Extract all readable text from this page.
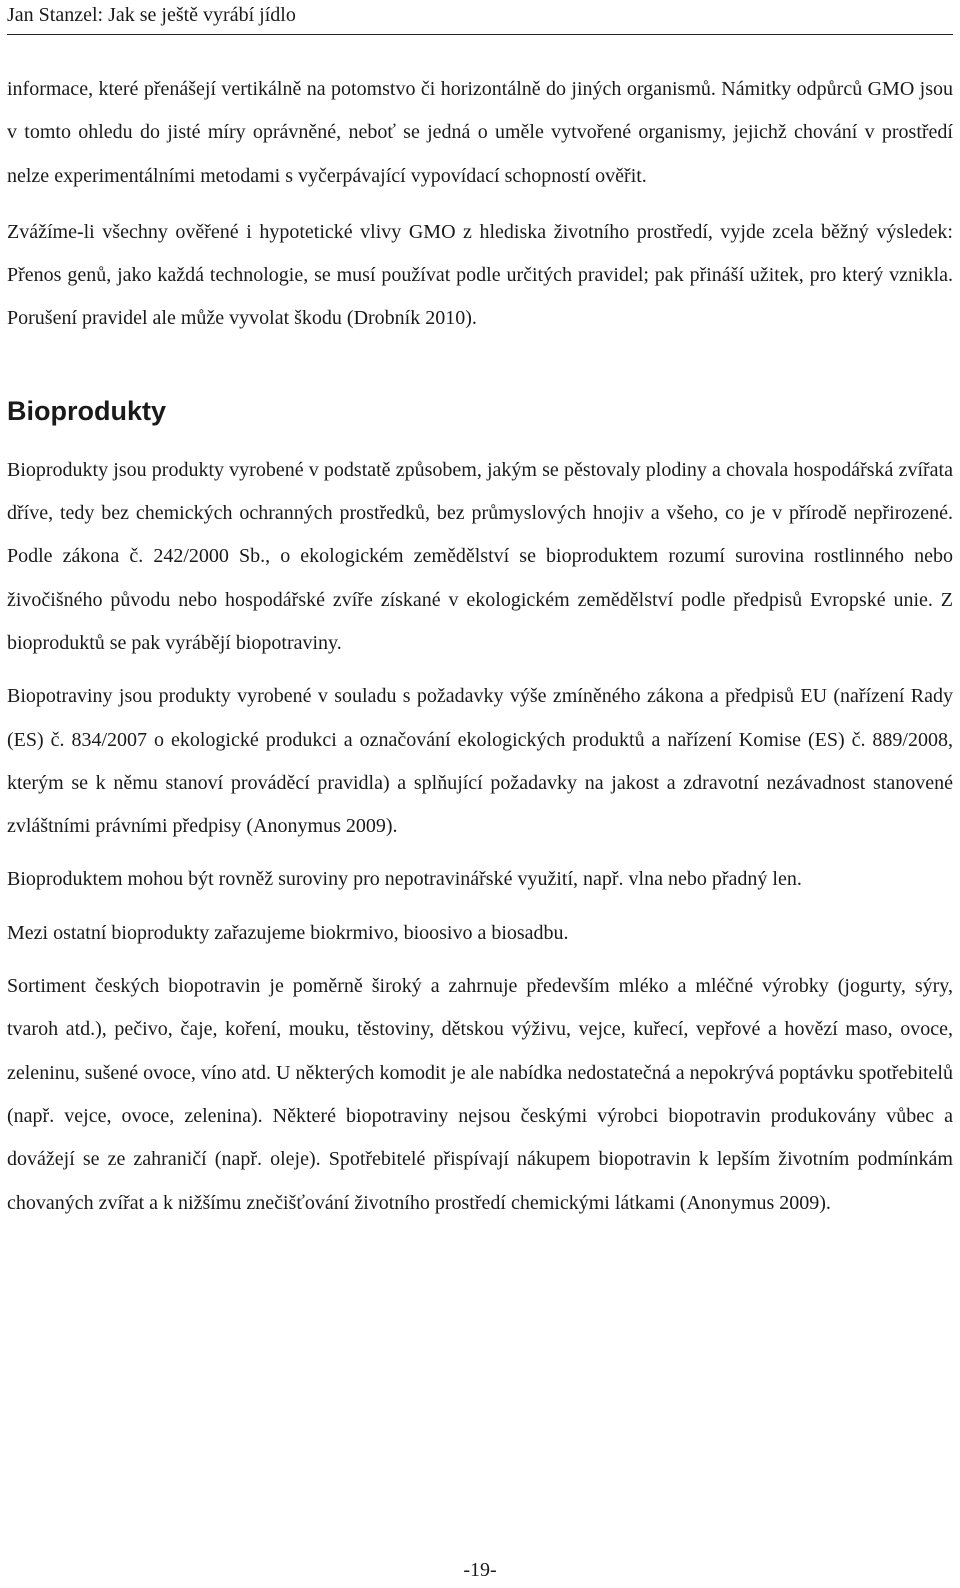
Jan Stanzel: Jak se ještě vyrábí jídlo

informace, které přenášejí vertikálně na potomstvo či horizontálně do jiných organismů. Námitky odpůrců GMO jsou v tomto ohledu do jisté míry oprávněné, neboť se jedná o uměle vytvořené organismy, jejichž chování v prostředí nelze experimentálními metodami s vyčerpávající vypovídací schopností ověřit.

Zvážíme-li všechny ověřené i hypotetické vlivy GMO z hlediska životního prostředí, vyjde zcela běžný výsledek: Přenos genů, jako každá technologie, se musí používat podle určitých pravidel; pak přináší užitek, pro který vznikla. Porušení pravidel ale může vyvolat škodu (Drobník 2010).

Bioprodukty

Bioprodukty jsou produkty vyrobené v podstatě způsobem, jakým se pěstovaly plodiny a chovala hospodářská zvířata dříve, tedy bez chemických ochranných prostředků, bez průmyslových hnojiv a všeho, co je v přírodě nepřirozené. Podle zákona č. 242/2000 Sb., o ekologickém zemědělství se bioproduktem rozumí surovina rostlinného nebo živočišného původu nebo hospodářské zvíře získané v ekologickém zemědělství podle předpisů Evropské unie. Z bioproduktů se pak vyrábějí biopotraviny.

Biopotraviny jsou produkty vyrobené v souladu s požadavky výše zmíněného zákona a předpisů EU (nařízení Rady (ES) č. 834/2007 o ekologické produkci a označování ekologických produktů a nařízení Komise (ES) č. 889/2008, kterým se k němu stanoví prováděcí pravidla) a splňující požadavky na jakost a zdravotní nezávadnost stanovené zvláštními právními předpisy (Anonymus 2009).

Bioproduktem mohou být rovněž suroviny pro nepotravinářské využití, např. vlna nebo přadný len.

Mezi ostatní bioprodukty zařazujeme biokrmivo, bioosivo a biosadbu.

Sortiment českých biopotravin je poměrně široký a zahrnuje především mléko a mléčné výrobky (jogurty, sýry, tvaroh atd.), pečivo, čaje, koření, mouku, těstoviny, dětskou výživu, vejce, kuřecí, vepřové a hovězí maso, ovoce, zeleninu, sušené ovoce, víno atd. U některých komodit je ale nabídka nedostatečná a nepokrývá poptávku spotřebitelů (např. vejce, ovoce, zelenina). Některé biopotraviny nejsou českými výrobci biopotravin produkovány vůbec a dovážejí se ze zahraničí (např. oleje). Spotřebitelé přispívají nákupem biopotravin k lepším životním podmínkám chovaných zvířat a k nižšímu znečišťování životního prostředí chemickými látkami (Anonymus 2009).

-19-
